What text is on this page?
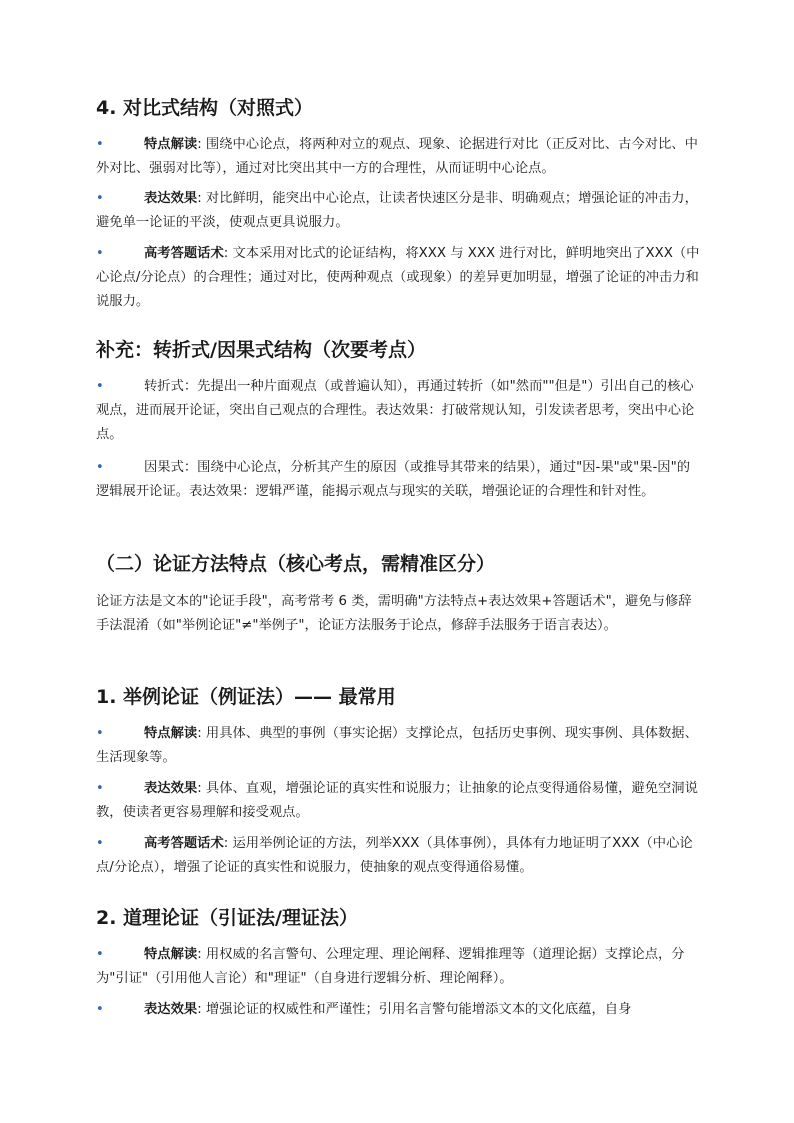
4. 对比式结构（对照式）
•	特点解读: 围绕中心论点，将两种对立的观点、现象、论据进行对比（正反对比、古今对比、中外对比、强弱对比等），通过对比突出其中一方的合理性，从而证明中心论点。

•	表达效果: 对比鲜明，能突出中心论点，让读者快速区分是非、明确观点；增强论证的冲击力，避免单一论证的平淡，使观点更具说服力。

•	高考答题话术: 文本采用对比式的论证结构，将XXX 与 XXX 进行对比，鲜明地突出了XXX（中心论点/分论点）的合理性；通过对比，使两种观点（或现象）的差异更加明显，增强了论证的冲击力和说服力。

补充：转折式/因果式结构（次要考点）
•	转折式：先提出一种片面观点（或普遍认知），再通过转折（如"然而""但是"）引出自己的核心观点，进而展开论证，突出自己观点的合理性。表达效果：打破常规认知，引发读者思考，突出中心论点。

•	因果式：围绕中心论点，分析其产生的原因（或推导其带来的结果），通过"因-果"或"果-因"的逻辑展开论证。表达效果：逻辑严谨，能揭示观点与现实的关联，增强论证的合理性和针对性。

（二）论证方法特点（核心考点，需精准区分）

论证方法是文本的"论证手段"，高考常考 6 类，需明确"方法特点+表达效果+答题话术"，避免与修辞手法混淆（如"举例论证"≠"举例子"，论证方法服务于论点，修辞手法服务于语言表达）。

1. 举例论证（例证法）—— 最常用
•	特点解读: 用具体、典型的事例（事实论据）支撑论点，包括历史事例、现实事例、具体数据、生活现象等。

•	表达效果: 具体、直观，增强论证的真实性和说服力；让抽象的论点变得通俗易懂，避免空洞说教，使读者更容易理解和接受观点。

•	高考答题话术: 运用举例论证的方法，列举XXX（具体事例），具体有力地证明了XXX（中心论点/分论点），增强了论证的真实性和说服力，使抽象的观点变得通俗易懂。

2. 道理论证（引证法/理证法）
•	特点解读: 用权威的名言警句、公理定理、理论阐释、逻辑推理等（道理论据）支撑论点，分为"引证"（引用他人言论）和"理证"（自身进行逻辑分析、理论阐释）。

•	表达效果: 增强论证的权威性和严谨性；引用名言警句能增添文本的文化底蕴，自身
